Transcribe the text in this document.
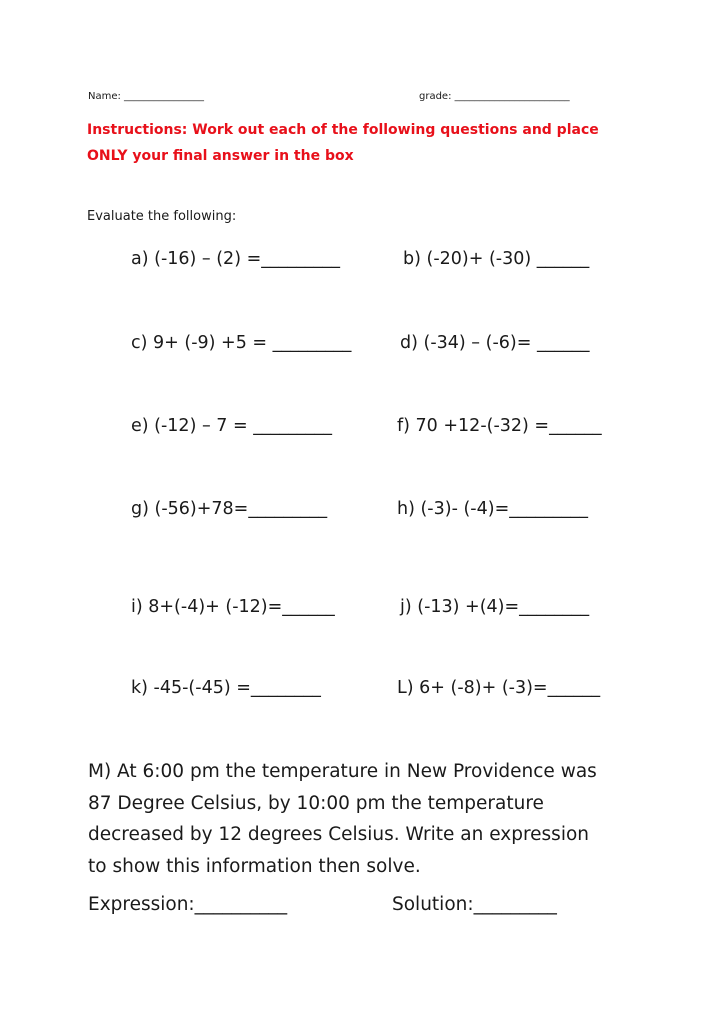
Name: ________________	grade: _______________________
Instructions: Work out each of the following questions and place
ONLY your final answer in the box
Evaluate the following:
a) (-16) – (2) =_________	b) (-20)+ (-30) ______
c) 9+ (-9) +5 = _________	d) (-34) – (-6)= ______
e) (-12) – 7 = _________	f) 70 +12-(-32) =______
g) (-56)+78=_________	h) (-3)- (-4)=_________
i) 8+(-4)+ (-12)=______	j) (-13) +(4)=________
k) -45-(-45) =________	L) 6+ (-8)+ (-3)=______
M) At 6:00 pm the temperature in New Providence was
87 Degree Celsius, by 10:00 pm the temperature
decreased by 12 degrees Celsius. Write an expression
to show this information then solve.
Expression:__________	Solution:_________
